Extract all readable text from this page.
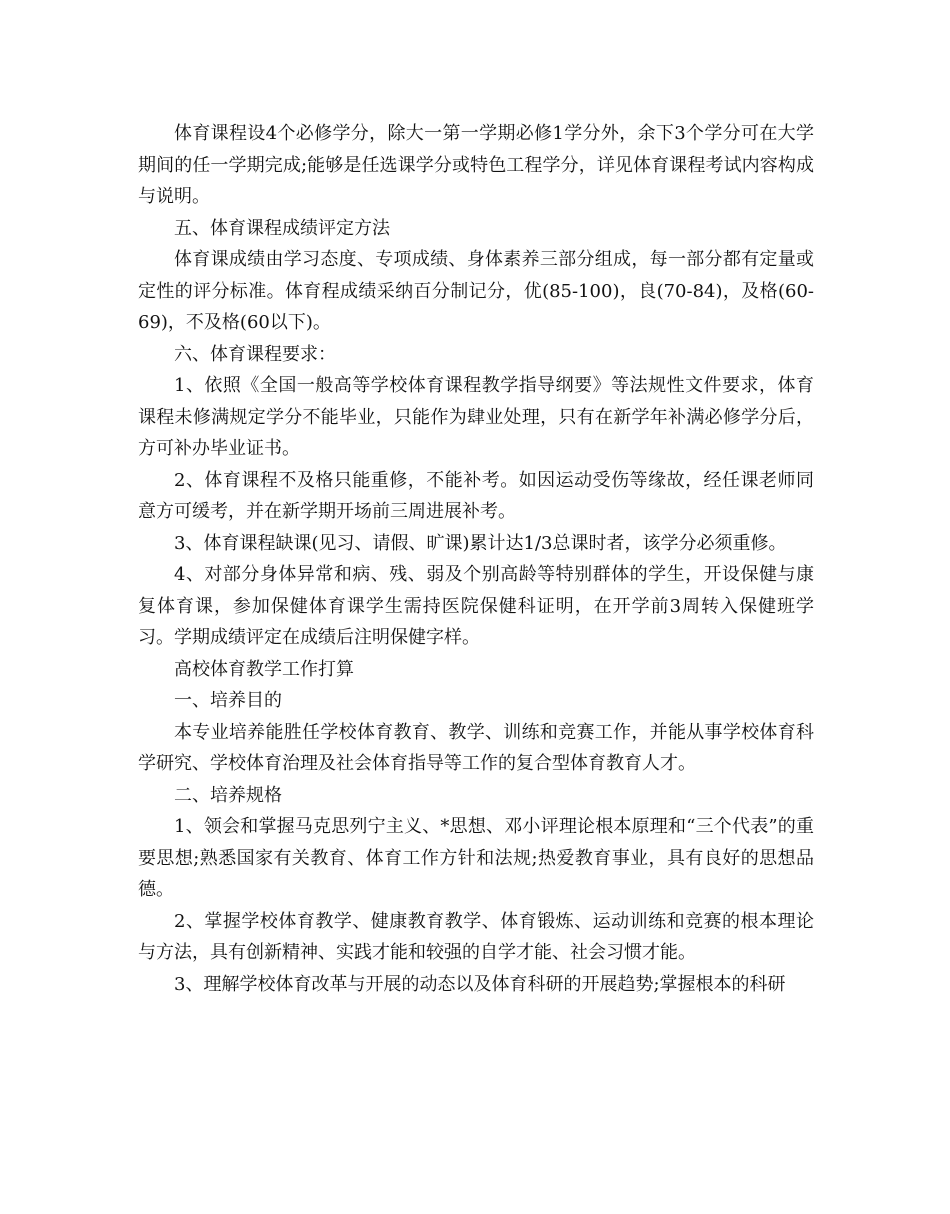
体育课程设4个必修学分，除大一第一学期必修1学分外，余下3个学分可在大学期间的任一学期完成;能够是任选课学分或特色工程学分，详见体育课程考试内容构成与说明。

五、体育课程成绩评定方法

体育课成绩由学习态度、专项成绩、身体素养三部分组成，每一部分都有定量或定性的评分标准。体育程成绩采纳百分制记分，优(85-100)，良(70-84)，及格(60-69)，不及格(60以下)。

六、体育课程要求：

1、依照《全国一般高等学校体育课程教学指导纲要》等法规性文件要求，体育课程未修满规定学分不能毕业，只能作为肆业处理，只有在新学年补满必修学分后，方可补办毕业证书。

2、体育课程不及格只能重修，不能补考。如因运动受伤等缘故，经任课老师同意方可缓考，并在新学期开场前三周进展补考。

3、体育课程缺课(见习、请假、旷课)累计达1/3总课时者，该学分必须重修。

4、对部分身体异常和病、残、弱及个别高龄等特别群体的学生，开设保健与康复体育课，参加保健体育课学生需持医院保健科证明，在开学前3周转入保健班学习。学期成绩评定在成绩后注明保健字样。

高校体育教学工作打算

一、培养目的

本专业培养能胜任学校体育教育、教学、训练和竞赛工作，并能从事学校体育科学研究、学校体育治理及社会体育指导等工作的复合型体育教育人才。

二、培养规格

1、领会和掌握马克思列宁主义、*思想、邓小评理论根本原理和“三个代表”的重要思想;熟悉国家有关教育、体育工作方针和法规;热爱教育事业，具有良好的思想品德。

2、掌握学校体育教学、健康教育教学、体育锻炼、运动训练和竞赛的根本理论与方法，具有创新精神、实践才能和较强的自学才能、社会习惯才能。

3、理解学校体育改革与开展的动态以及体育科研的开展趋势;掌握根本的科研
